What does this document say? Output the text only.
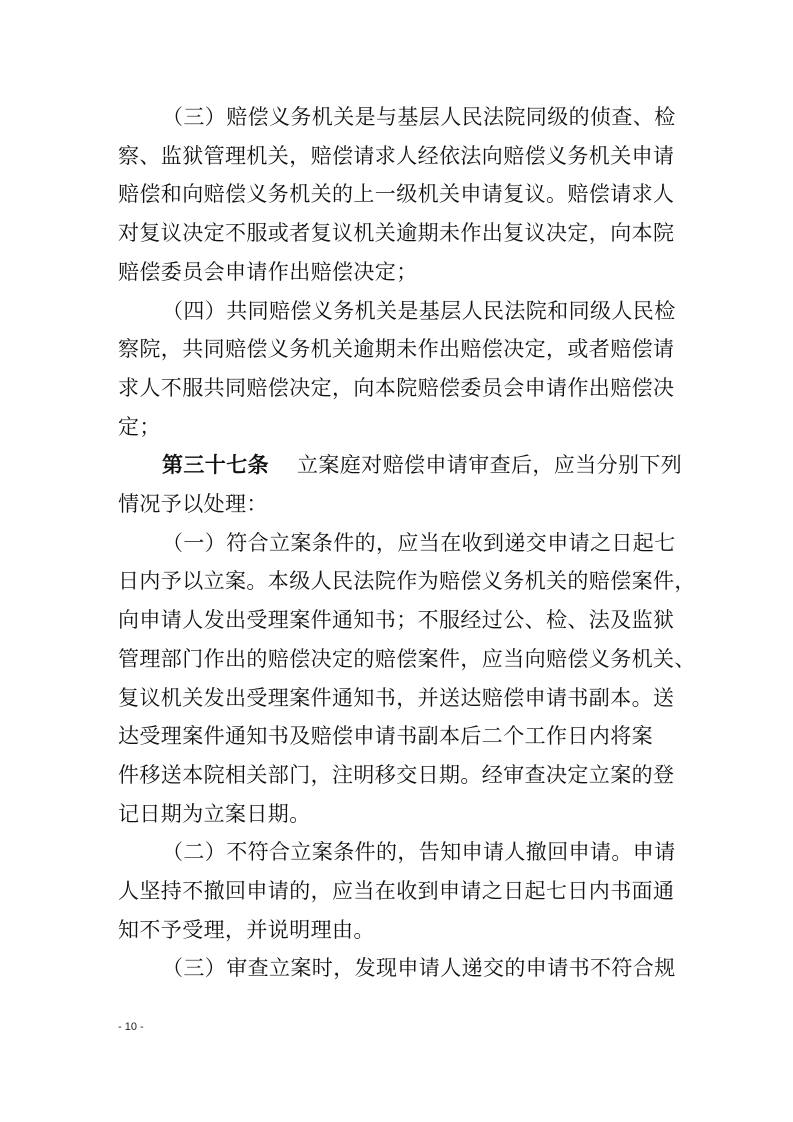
（三）赔偿义务机关是与基层人民法院同级的侦查、检
察、监狱管理机关，赔偿请求人经依法向赔偿义务机关申请
赔偿和向赔偿义务机关的上一级机关申请复议。赔偿请求人
对复议决定不服或者复议机关逾期未作出复议决定，向本院
赔偿委员会申请作出赔偿决定；

（四）共同赔偿义务机关是基层人民法院和同级人民检
察院，共同赔偿义务机关逾期未作出赔偿决定，或者赔偿请
求人不服共同赔偿决定，向本院赔偿委员会申请作出赔偿决
定；

第三十七条 立案庭对赔偿申请审查后，应当分别下列
情况予以处理：

（一）符合立案条件的，应当在收到递交申请之日起七
日内予以立案。本级人民法院作为赔偿义务机关的赔偿案件，
向申请人发出受理案件通知书；不服经过公、检、法及监狱
管理部门作出的赔偿决定的赔偿案件，应当向赔偿义务机关、
复议机关发出受理案件通知书，并送达赔偿申请书副本。送
达受理案件通知书及赔偿申请书副本后二个工作日内将案
件移送本院相关部门，注明移交日期。经审查决定立案的登
记日期为立案日期。

（二）不符合立案条件的，告知申请人撤回申请。申请
人坚持不撤回申请的，应当在收到申请之日起七日内书面通
知不予受理，并说明理由。

（三）审查立案时，发现申请人递交的申请书不符合规

- 10 -
